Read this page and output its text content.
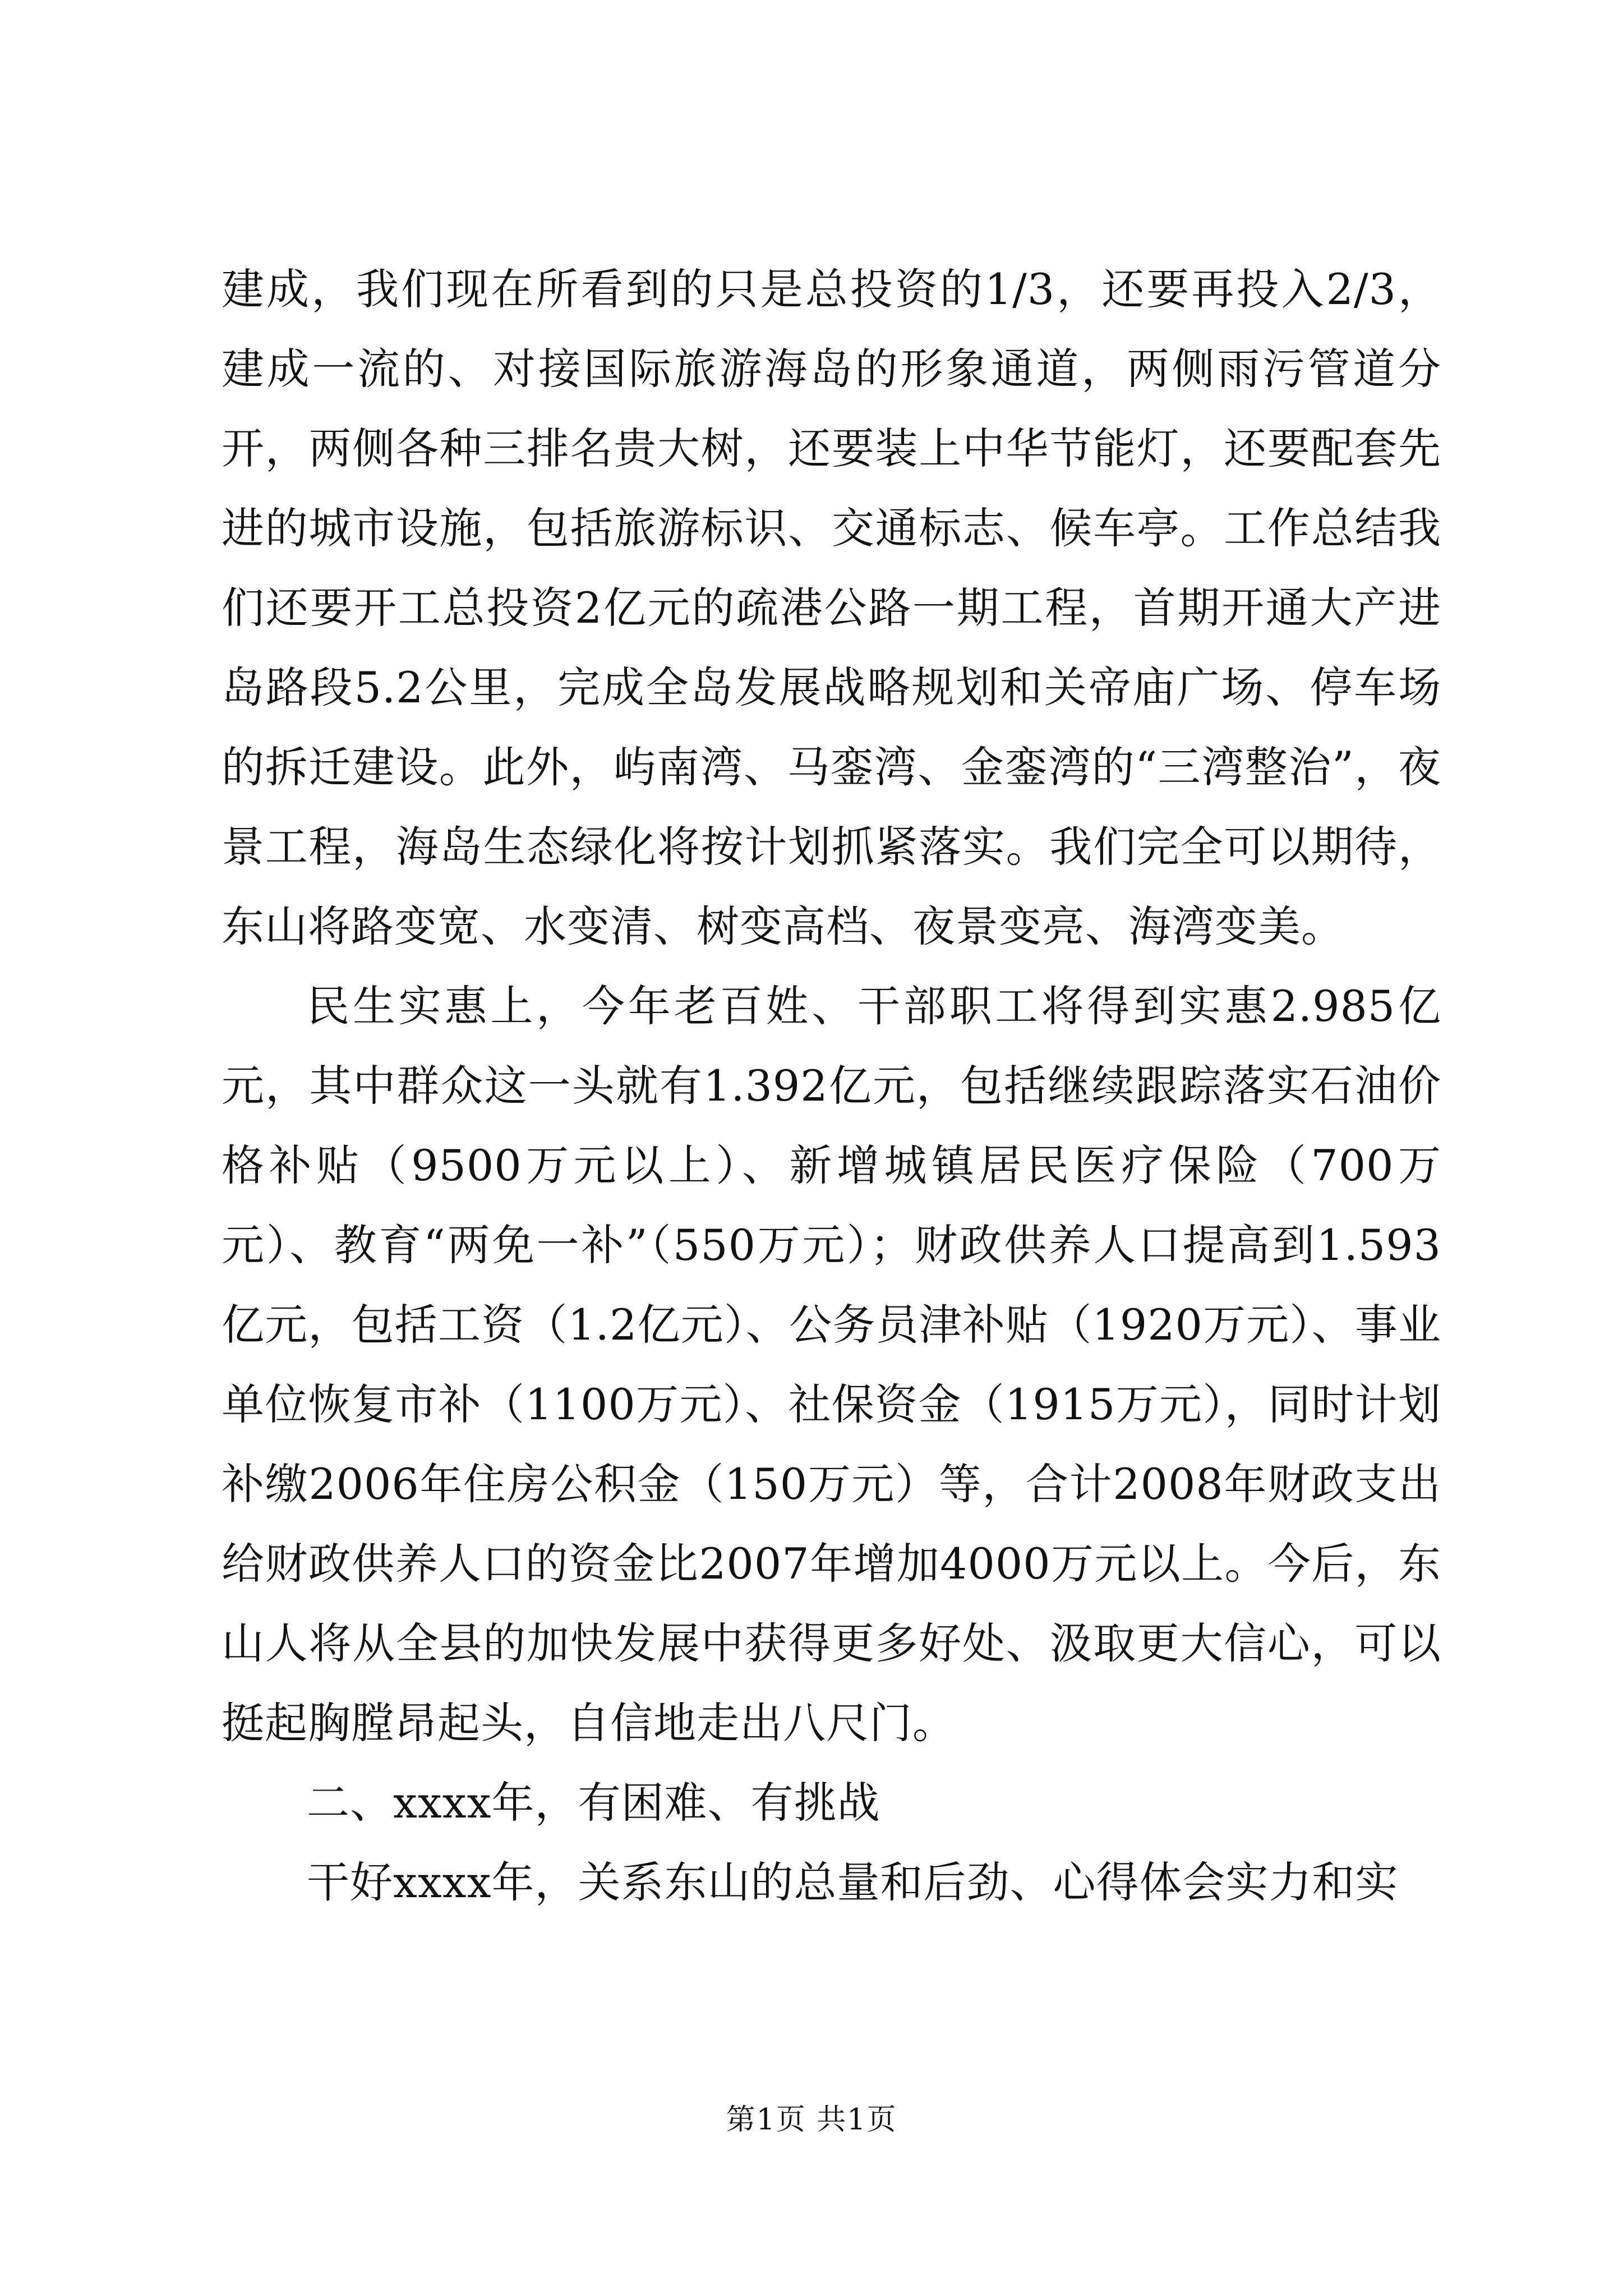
建成，我们现在所看到的只是总投资的1/3，还要再投入2/3，建成一流的、对接国际旅游海岛的形象通道，两侧雨污管道分开，两侧各种三排名贵大树，还要装上中华节能灯，还要配套先进的城市设施，包括旅游标识、交通标志、候车亭。工作总结我们还要开工总投资2亿元的疏港公路一期工程，首期开通大产进岛路段5.2公里，完成全岛发展战略规划和关帝庙广场、停车场的拆迁建设。此外，屿南湾、马銮湾、金銮湾的“三湾整治”，夜景工程，海岛生态绿化将按计划抓紧落实。我们完全可以期待，东山将路变宽、水变清、树变高档、夜景变亮、海湾变美。

民生实惠上，今年老百姓、干部职工将得到实惠2.985亿元，其中群众这一头就有1.392亿元，包括继续跟踪落实石油价格补贴（9500万元以上）、新增城镇居民医疗保险（700万元）、教育“两免一补”（550万元）；财政供养人口提高到1.593亿元，包括工资（1.2亿元）、公务员津补贴（1920万元）、事业单位恢复市补（1100万元）、社保资金（1915万元），同时计划补缴2006年住房公积金（150万元）等，合计2008年财政支出给财政供养人口的资金比2007年增加4000万元以上。今后，东山人将从全县的加快发展中获得更多好处、汲取更大信心，可以挺起胸膛昂起头，自信地走出八尺门。

二、xxxx年，有困难、有挑战

干好xxxx年，关系东山的总量和后劲、心得体会实力和实

第1页 共1页
